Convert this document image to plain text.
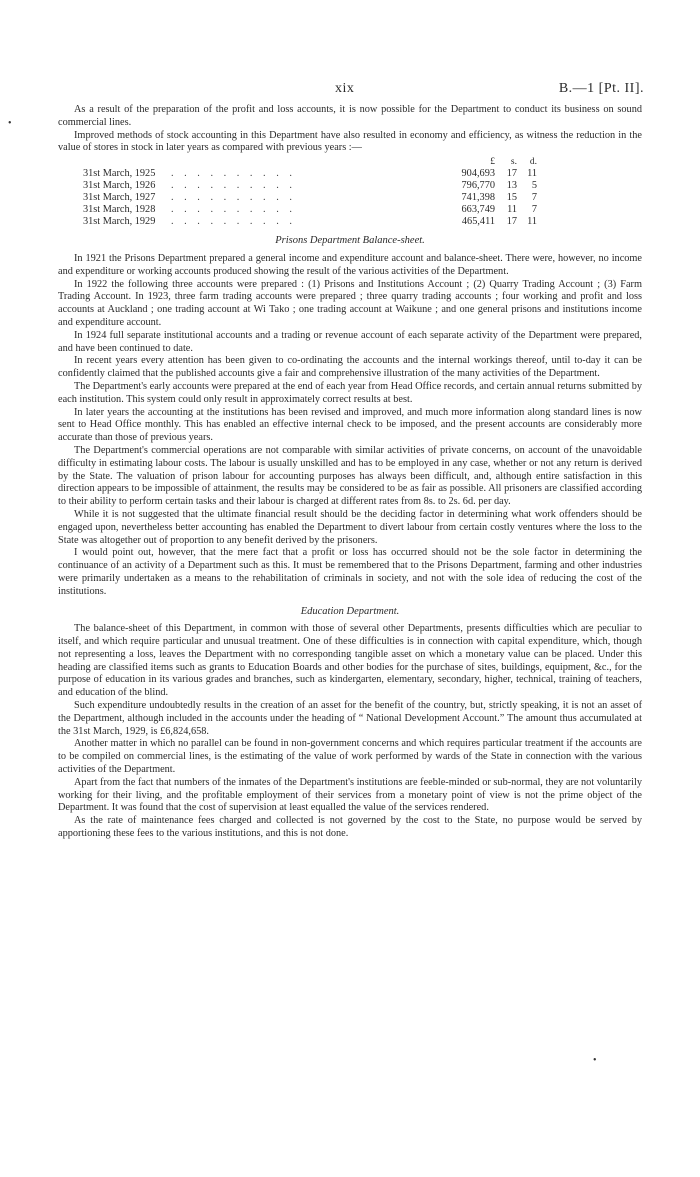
xix	B.—1 [Pt. II].
•
•

As a result of the preparation of the profit and loss accounts, it is now possible for the Department to conduct its business on sound commercial lines.

Improved methods of stock accounting in this Department have also resulted in economy and efficiency, as witness the reduction in the value of stores in stock in later years as compared with previous years :—

		£	s.	d.
31st March, 1925	. . . . . . . . . .	904,693	17	11
31st March, 1926	. . . . . . . . . .	796,770	13	5
31st March, 1927	. . . . . . . . . .	741,398	15	7
31st March, 1928	. . . . . . . . . .	663,749	11	7
31st March, 1929	. . . . . . . . . .	465,411	17	11
Prisons Department Balance-sheet.

In 1921 the Prisons Department prepared a general income and expenditure account and balance-sheet. There were, however, no income and expenditure or working accounts produced showing the result of the various activities of the Department.

In 1922 the following three accounts were prepared : (1) Prisons and Institutions Account ; (2) Quarry Trading Account ; (3) Farm Trading Account. In 1923, three farm trading accounts were prepared ; three quarry trading accounts ; four working and profit and loss accounts at Auckland ; one trading account at Wi Tako ; one trading account at Waikune ; and one general prisons and institutions income and expenditure account.

In 1924 full separate institutional accounts and a trading or revenue account of each separate activity of the Department were prepared, and have been continued to date.

In recent years every attention has been given to co-ordinating the accounts and the internal workings thereof, until to-day it can be confidently claimed that the published accounts give a fair and comprehensive illustration of the many activities of the Department.

The Department's early accounts were prepared at the end of each year from Head Office records, and certain annual returns submitted by each institution. This system could only result in approximately correct results at best.

In later years the accounting at the institutions has been revised and improved, and much more information along standard lines is now sent to Head Office monthly. This has enabled an effective internal check to be imposed, and the present accounts are considerably more accurate than those of previous years.

The Department's commercial operations are not comparable with similar activities of private concerns, on account of the unavoidable difficulty in estimating labour costs. The labour is usually unskilled and has to be employed in any case, whether or not any return is derived by the State. The valuation of prison labour for accounting purposes has always been difficult, and, although entire satisfaction in this direction appears to be impossible of attainment, the results may be considered to be as fair as possible. All prisoners are classified according to their ability to perform certain tasks and their labour is charged at different rates from 8s. to 2s. 6d. per day.

While it is not suggested that the ultimate financial result should be the deciding factor in determining what work offenders should be engaged upon, nevertheless better accounting has enabled the Department to divert labour from certain costly ventures where the loss to the State was altogether out of proportion to any benefit derived by the prisoners.

I would point out, however, that the mere fact that a profit or loss has occurred should not be the sole factor in determining the continuance of an activity of a Department such as this. It must be remembered that to the Prisons Department, farming and other industries were primarily undertaken as a means to the rehabilitation of criminals in society, and not with the sole idea of reducing the cost of the institutions.

Education Department.

The balance-sheet of this Department, in common with those of several other Departments, presents difficulties which are peculiar to itself, and which require particular and unusual treatment. One of these difficulties is in connection with capital expenditure, which, though not representing a loss, leaves the Department with no corresponding tangible asset on which a monetary value can be placed. Under this heading are classified items such as grants to Education Boards and other bodies for the purchase of sites, buildings, equipment, &c., for the purpose of education in its various grades and branches, such as kindergarten, elementary, secondary, higher, technical, training of teachers, and education of the blind.

Such expenditure undoubtedly results in the creation of an asset for the benefit of the country, but, strictly speaking, it is not an asset of the Department, although included in the accounts under the heading of “ National Development Account.” The amount thus accumulated at the 31st March, 1929, is £6,824,658.

Another matter in which no parallel can be found in non-government concerns and which requires particular treatment if the accounts are to be compiled on commercial lines, is the estimating of the value of work performed by wards of the State in connection with the various activities of the Department.

Apart from the fact that numbers of the inmates of the Department's institutions are feeble-minded or sub-normal, they are not voluntarily working for their living, and the profitable employment of their services from a monetary point of view is not the prime object of the Department. It was found that the cost of supervision at least equalled the value of the services rendered.

As the rate of maintenance fees charged and collected is not governed by the cost to the State, no purpose would be served by apportioning these fees to the various institutions, and this is not done.
